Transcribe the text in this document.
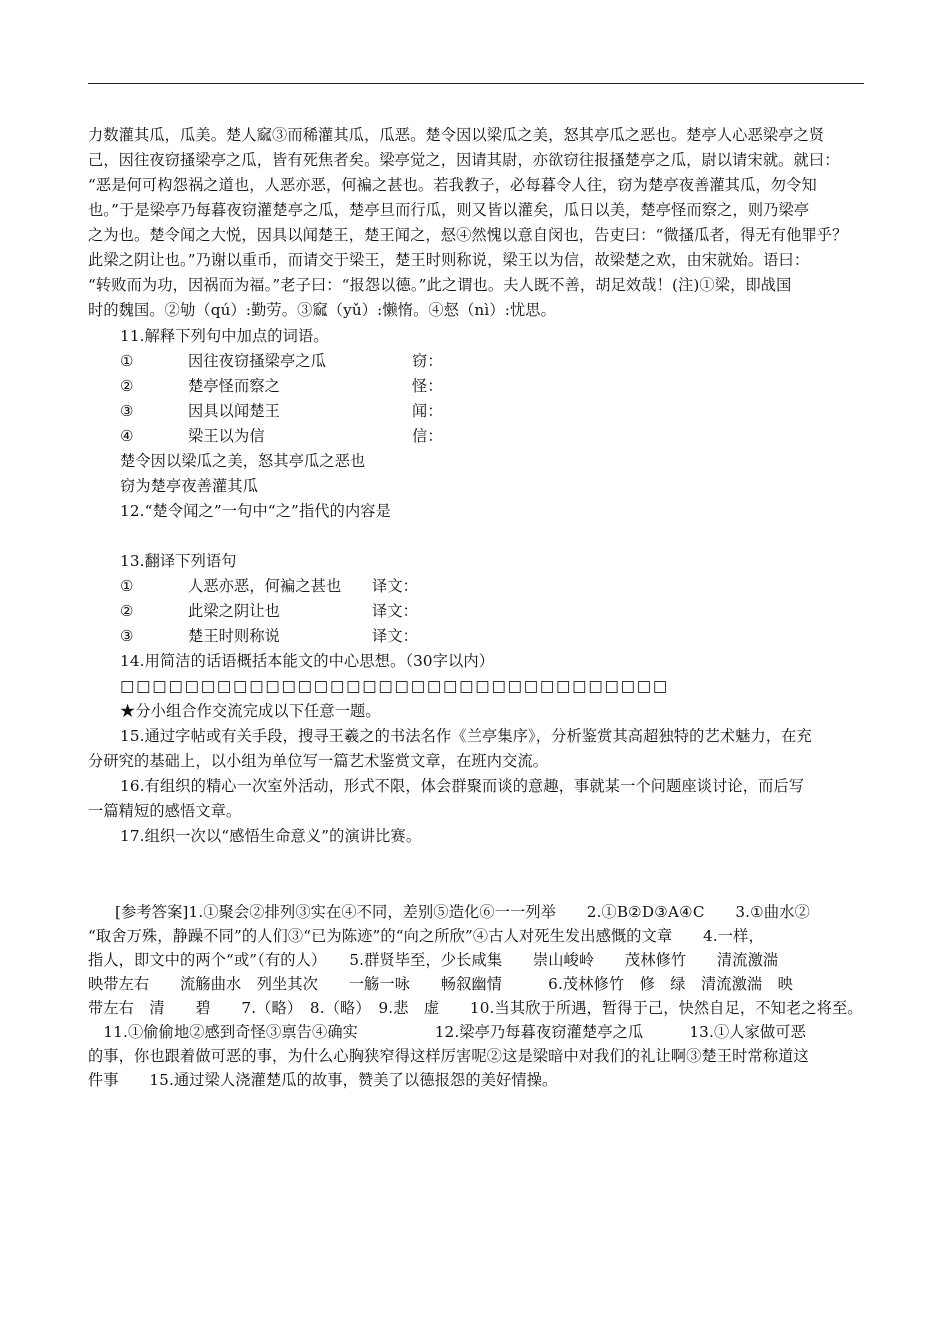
力数灌其瓜，瓜美。楚人窳③而稀灌其瓜，瓜恶。楚令因以梁瓜之美，怒其亭瓜之恶也。楚亭人心恶梁亭之贤
己，因往夜窃搔梁亭之瓜，皆有死焦者矣。梁亭觉之，因请其尉，亦欲窃往报搔楚亭之瓜，尉以请宋就。就曰：
“恶是何可构怨祸之道也，人恶亦恶，何褊之甚也。若我教子，必每暮令人往，窃为楚亭夜善灌其瓜，勿令知
也。”于是梁亭乃每暮夜窃灌楚亭之瓜，楚亭旦而行瓜，则又皆以灌矣，瓜日以美，楚亭怪而察之，则乃梁亭
之为也。楚令闻之大悦，因具以闻楚王，楚王闻之，惄④然愧以意自闵也，告吏曰：“微搔瓜者，得无有他罪乎？
此梁之阴让也。”乃谢以重币，而请交于梁王，楚王时则称说，梁王以为信，故梁楚之欢，由宋就始。语曰：
“转败而为功，因祸而为福。”老子曰：“报怨以德。”此之谓也。夫人既不善，胡足效哉！(注)①梁，即战国
时的魏国。②劬（qú）:勤劳。③窳（yǔ）:懒惰。④惄（nì）:忧思。
11.解释下列句中加点的词语。
①	因往夜窃搔梁亭之瓜	窃：
②	楚亭怪而察之	怪：
③	因具以闻楚王	闻：
④	梁王以为信	信：
楚令因以梁瓜之美，怒其亭瓜之恶也
窃为楚亭夜善灌其瓜
12.“楚令闻之”一句中“之”指代的内容是
13.翻译下列语句
①	人恶亦恶，何褊之甚也 译文：
②	此梁之阴让也	译文：
③	楚王时则称说	译文：
14.用简洁的话语概括本能文的中心思想。（30字以内）
□□□□□□□□□□□□□□□□□□□□□□□□□□□□□□□□□□
★分小组合作交流完成以下任意一题。
15.通过字帖或有关手段，搜寻王羲之的书法名作《兰亭集序》，分析鉴赏其高超独特的艺术魅力，在充
分研究的基础上，以小组为单位写一篇艺术鉴赏文章，在班内交流。
16.有组织的精心一次室外活动，形式不限，体会群聚而谈的意趣，事就某一个问题座谈讨论，而后写
一篇精短的感悟文章。
17.组织一次以“感悟生命意义”的演讲比赛。
[参考答案]1.①聚会②排列③实在④不同，差别⑤造化⑥一一列举　　2.①B②D③A④C　　3.①曲水②
“取舍万殊，静躁不同”的人们③“已为陈迹”的“向之所欣”④古人对死生发出感慨的文章　　4.一样，
指人，即文中的两个“或”（有的人）　　5.群贤毕至，少长咸集　　崇山峻岭　　茂林修竹　　清流激湍
映带左右　　流觞曲水　列坐其次　　一觞一咏　　畅叙幽情　　　6.茂林修竹　修　绿　清流激湍　映
带左右　清　　碧　　7.（略）　8.（略）　9.悲　虚　　10.当其欣于所遇，暂得于己，快然自足，不知老之将至。
　11.①偷偷地②感到奇怪③禀告④确实　　　　　12.梁亭乃每暮夜窃灌楚亭之瓜　　　13.①人家做可恶
的事，你也跟着做可恶的事，为什么心胸狭窄得这样厉害呢②这是梁暗中对我们的礼让啊③楚王时常称道这
件事　　15.通过梁人浇灌楚瓜的故事，赞美了以德报怨的美好情操。
